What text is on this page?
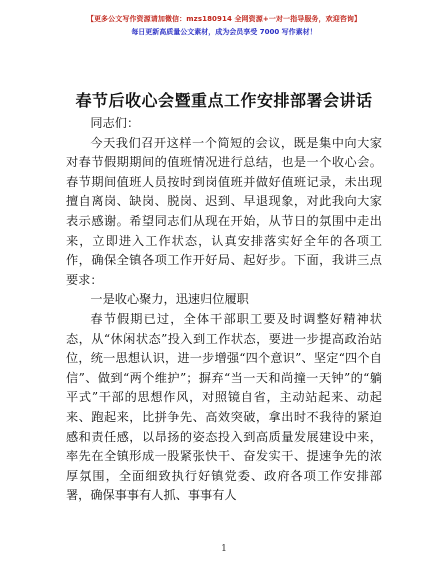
【更多公文写作资源请加微信：mzs180914 全网资源+一对一指导服务，欢迎咨询】
每日更新高质量公文素材，成为会员享受 7000 写作素材！
春节后收心会暨重点工作安排部署会讲话

同志们：

今天我们召开这样一个简短的会议，既是集中向大家对春节假期期间的值班情况进行总结，也是一个收心会。春节期间值班人员按时到岗值班并做好值班记录，未出现擅自离岗、缺岗、脱岗、迟到、早退现象，对此我向大家表示感谢。希望同志们从现在开始，从节日的氛围中走出来，立即进入工作状态，认真安排落实好全年的各项工作，确保全镇各项工作开好局、起好步。下面，我讲三点要求：

一是收心聚力，迅速归位履职

春节假期已过，全体干部职工要及时调整好精神状态，从“休闲状态”投入到工作状态，要进一步提高政治站位，统一思想认识，进一步增强“四个意识”、坚定“四个自信”、做到“两个维护”；摒弃“当一天和尚撞一天钟”的“躺平式”干部的思想作风，对照镜自省，主动站起来、动起来、跑起来，比拼争先、高效突破，拿出时不我待的紧迫感和责任感，以昂扬的姿态投入到高质量发展建设中来，率先在全镇形成一股紧张快干、奋发实干、提速争先的浓厚氛围，全面细致执行好镇党委、政府各项工作安排部署，确保事事有人抓、事事有人

1
